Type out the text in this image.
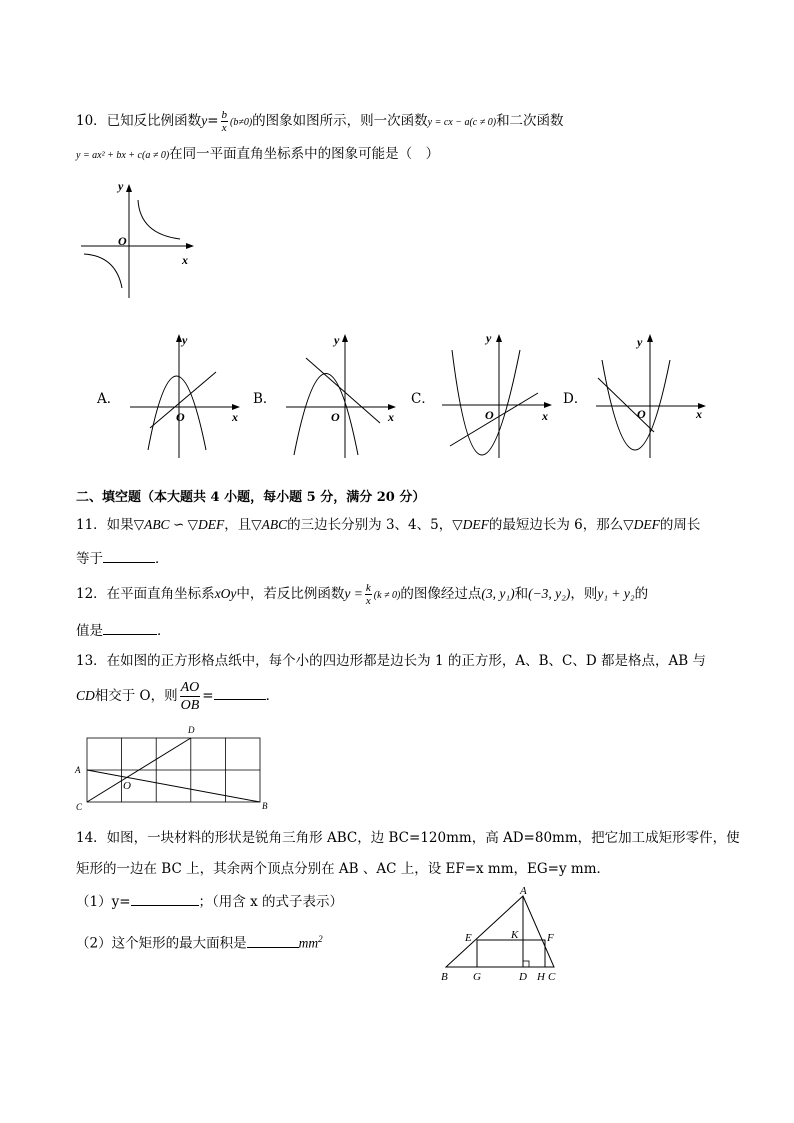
10．已知反比例函数$y= \frac{b}{x} (b\ne 0)$的图象如图所示，则一次函数y = cx − a(c ≠ 0)和二次函数
y = ax² + bx + c(a ≠ 0)在同一平面直角坐标系中的图象可能是（　）
y
O
x
A．
y
O	x
B．
y
O	x
C．
y
O	x
D．
y
O	x
二、填空题（本大题共 4 小题，每小题 5 分，满分 20 分）
11．如果▽ABC ∽ ▽DEF，且▽ABC的三边长分别为 3、4、5，▽DEF的最短边长为 6，那么▽DEF的周长
等于	．
12．在平面直角坐标系xOy中，若反比例函数$y = \frac{k}{x} (k \ne 0)$的图像经过点(3, y₁)和(−3, y₂)，则y₁ + y₂的
值是	．
13．在如图的正方形格点纸中，每个小的四边形都是边长为 1 的正方形，A、B、C、D 都是格点，AB 与
CD相交于 O，则 $\frac{AO}{OB}$ =	．
A
B
C
D
O
14．如图，一块材料的形状是锐角三角形 ABC，边 BC=120mm，高 AD=80mm，把它加工成矩形零件，使
矩形的一边在 BC 上，其余两个顶点分别在 AB 、AC 上，设 EF=x mm，EG=y mm．
（1）y=	；（用含 x 的式子表示）
（2）这个矩形的最大面积是	$mm^2$
A
B	C
D
E	F
G	H
K
